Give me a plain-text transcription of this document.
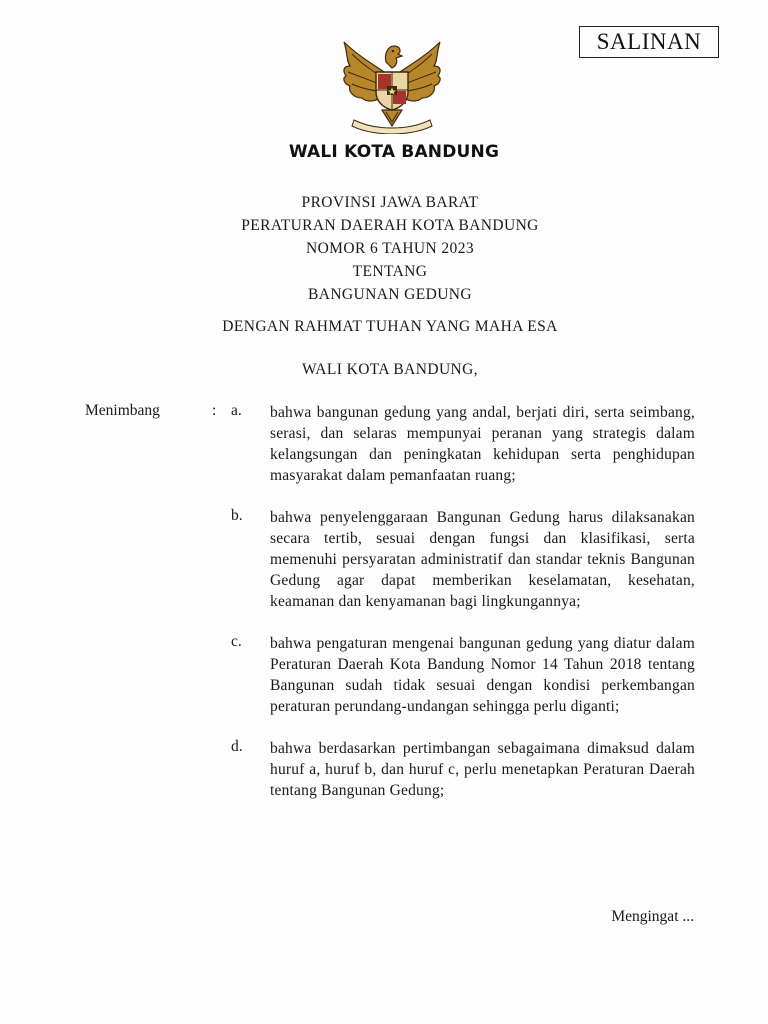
SALINAN
WALI KOTA BANDUNG
PROVINSI JAWA BARAT
PERATURAN DAERAH KOTA BANDUNG
NOMOR 6 TAHUN 2023
TENTANG
BANGUNAN GEDUNG
DENGAN RAHMAT TUHAN YANG MAHA ESA
WALI KOTA BANDUNG,
Menimbang	: a. bahwa bangunan gedung yang andal, berjati diri, serta seimbang, serasi, dan selaras mempunyai peranan yang strategis dalam kelangsungan dan peningkatan kehidupan serta penghidupan masyarakat dalam pemanfaatan ruang;
b. bahwa penyelenggaraan Bangunan Gedung harus dilaksanakan secara tertib, sesuai dengan fungsi dan klasifikasi, serta memenuhi persyaratan administratif dan standar teknis Bangunan Gedung agar dapat memberikan keselamatan, kesehatan, keamanan dan kenyamanan bagi lingkungannya;
c. bahwa pengaturan mengenai bangunan gedung yang diatur dalam Peraturan Daerah Kota Bandung Nomor 14 Tahun 2018 tentang Bangunan sudah tidak sesuai dengan kondisi perkembangan peraturan perundang-undangan sehingga perlu diganti;
d. bahwa berdasarkan pertimbangan sebagaimana dimaksud dalam huruf a, huruf b, dan huruf c, perlu menetapkan Peraturan Daerah tentang Bangunan Gedung;
Mengingat ...
